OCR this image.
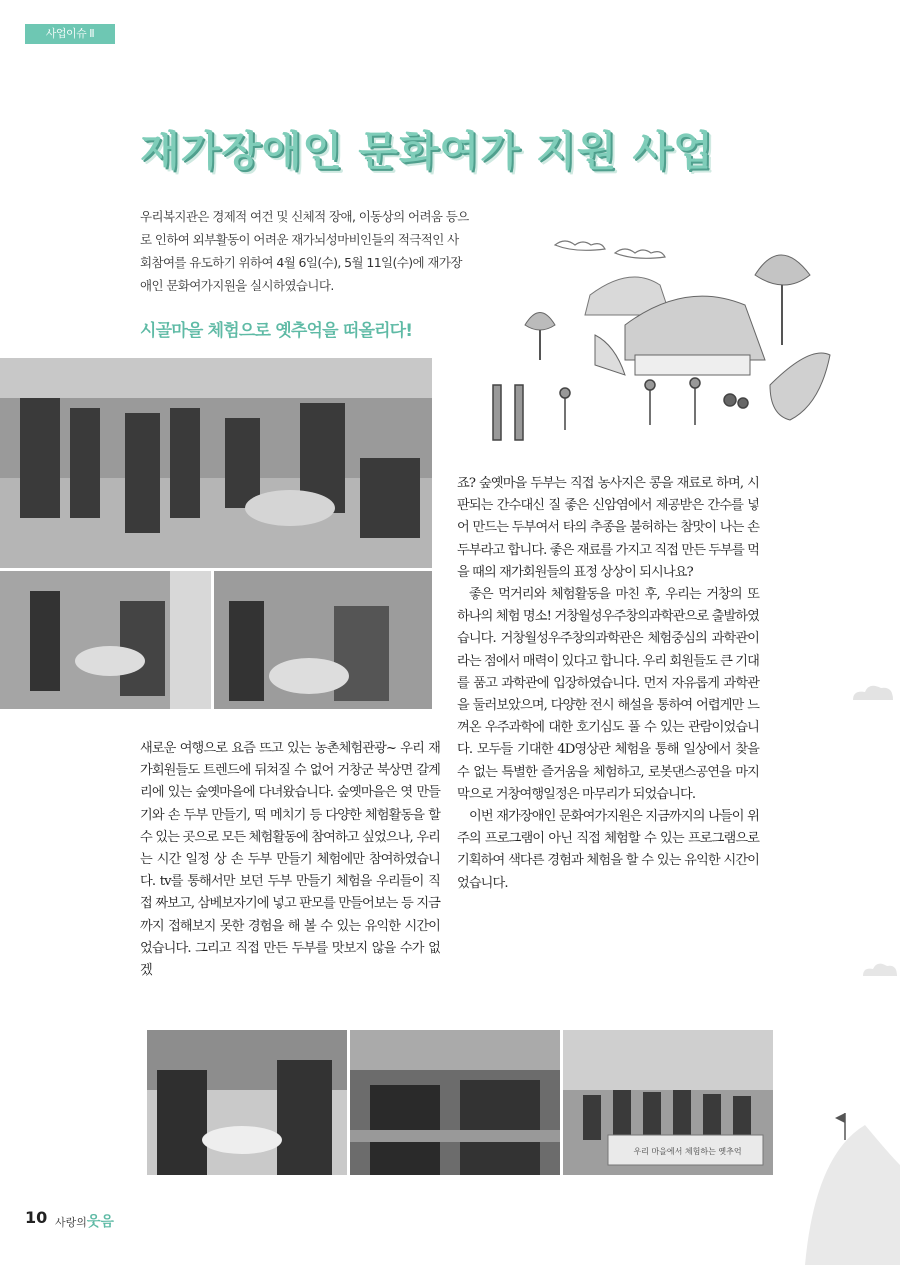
사업이슈 Ⅱ
재가장애인 문화여가 지원 사업
우리복지관은 경제적 여건 및 신체적 장애, 이동상의 어려움 등으로 인하여 외부활동이 어려운 재가뇌성마비인들의 적극적인 사회참여를 유도하기 위하여 4월 6일(수), 5월 11일(수)에 재가장애인 문화여가지원을 실시하였습니다.
시골마을 체험으로 옛추억을 떠올리다!

새로운 여행으로 요즘 뜨고 있는 농촌체험관광~ 우리 재가회원들도 트렌드에 뒤쳐질 수 없어 거창군 북상면 갈계리에 있는 숲옛마을에 다녀왔습니다. 숲옛마을은 엿 만들기와 손 두부 만들기, 떡 메치기 등 다양한 체험활동을 할 수 있는 곳으로 모든 체험활동에 참여하고 싶었으나, 우리는 시간 일정 상 손 두부 만들기 체험에만 참여하였습니다. tv를 통해서만 보던 두부 만들기 체험을 우리들이 직접 짜보고, 삼베보자기에 넣고 판모를 만들어보는 등 지금까지 접해보지 못한 경험을 해 볼 수 있는 유익한 시간이었습니다. 그리고 직접 만든 두부를 맛보지 않을 수가 없겠

죠? 숲옛마을 두부는 직접 농사지은 콩을 재료로 하며, 시판되는 간수대신 질 좋은 신암염에서 제공받은 간수를 넣어 만드는 두부여서 타의 추종을 불허하는 참맛이 나는 손 두부라고 합니다. 좋은 재료를 가지고 직접 만든 두부를 먹을 때의 재가회원들의 표정 상상이 되시나요?

좋은 먹거리와 체험활동을 마친 후, 우리는 거창의 또 하나의 체험 명소! 거창월성우주창의과학관으로 출발하였습니다. 거창월성우주창의과학관은 체험중심의 과학관이라는 점에서 매력이 있다고 합니다. 우리 회원들도 큰 기대를 품고 과학관에 입장하였습니다. 먼저 자유롭게 과학관을 둘러보았으며, 다양한 전시 해설을 통하여 어렵게만 느껴온 우주과학에 대한 호기심도 풀 수 있는 관람이었습니다. 모두들 기대한 4D영상관 체험을 통해 일상에서 찾을 수 없는 특별한 즐거움을 체험하고, 로봇댄스공연을 마지막으로 거창여행일정은 마무리가 되었습니다.

이번 재가장애인 문화여가지원은 지금까지의 나들이 위주의 프로그램이 아닌 직접 체험할 수 있는 프로그램으로 기획하여 색다른 경험과 체험을 할 수 있는 유익한 시간이었습니다.

우리 마을에서 체험하는 옛추억
10 사랑의웃음
